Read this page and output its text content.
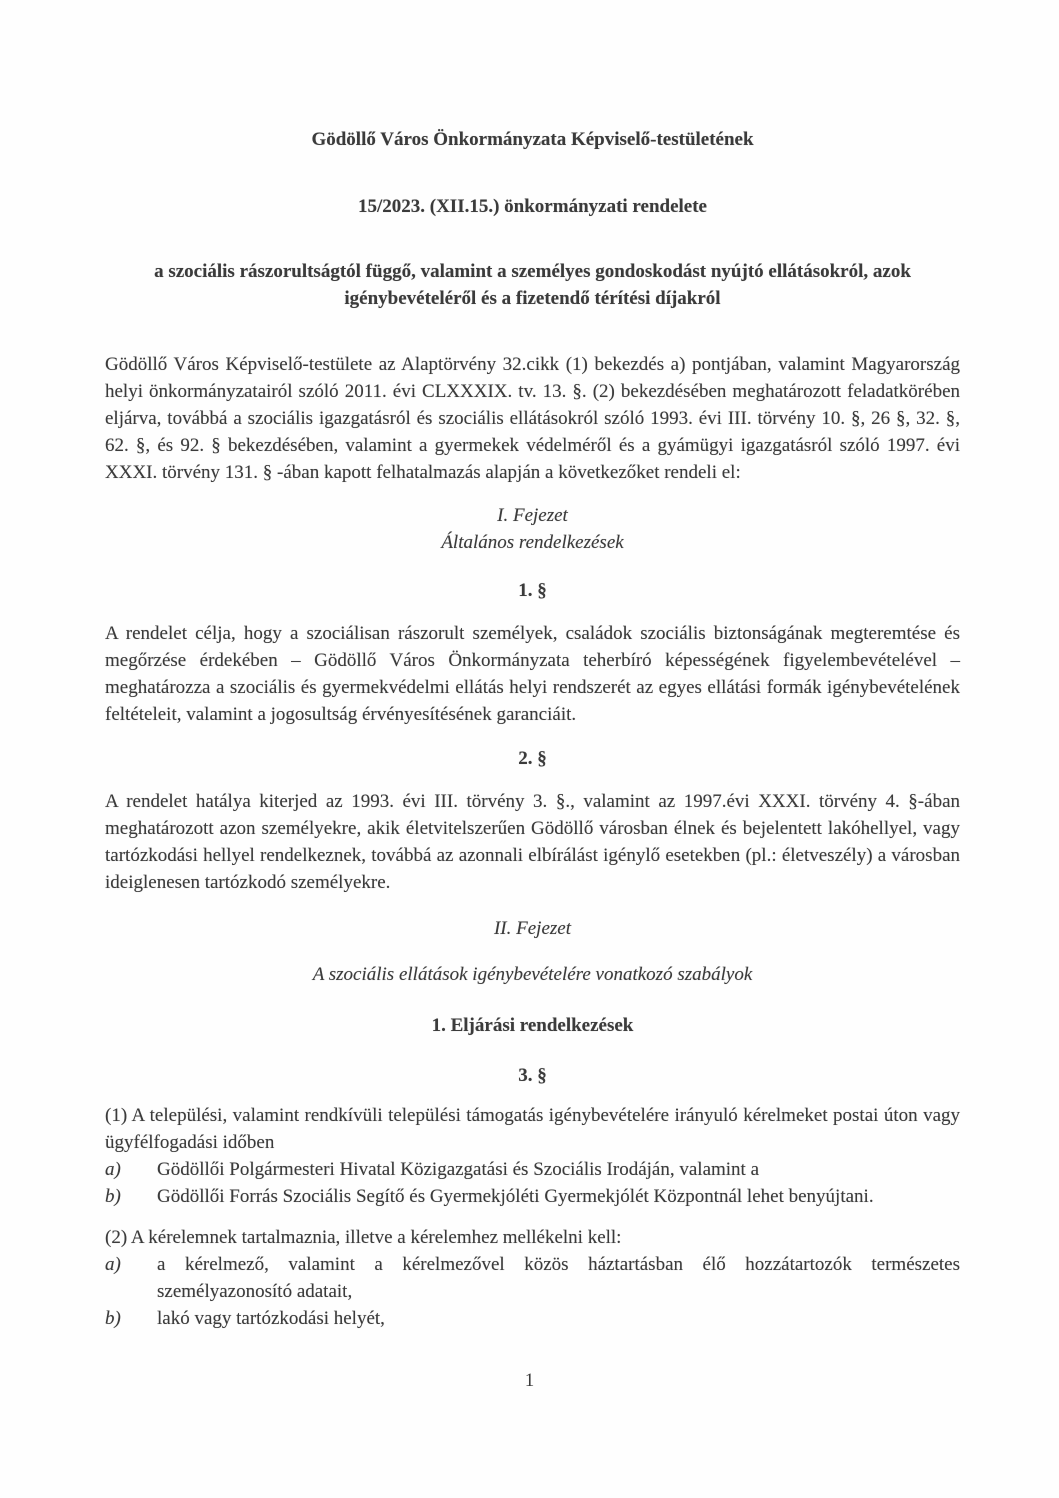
Gödöllő Város Önkormányzata Képviselő-testületének

15/2023. (XII.15.) önkormányzati rendelete

a szociális rászorultságtól függő, valamint a személyes gondoskodást nyújtó ellátásokról, azok igénybevételéről és a fizetendő térítési díjakról

Gödöllő Város Képviselő-testülete az Alaptörvény 32.cikk (1) bekezdés a) pontjában, valamint Magyarország helyi önkormányzatairól szóló 2011. évi CLXXXIX. tv. 13. §. (2) bekezdésében meghatározott feladatkörében eljárva, továbbá a szociális igazgatásról és szociális ellátásokról szóló 1993. évi III. törvény 10. §, 26 §, 32. §, 62. §, és 92. § bekezdésében, valamint a gyermekek védelméről és a gyámügyi igazgatásról szóló 1997. évi XXXI. törvény 131. § -ában kapott felhatalmazás alapján a következőket rendeli el:

I. Fejezet

Általános rendelkezések

1. §

A rendelet célja, hogy a szociálisan rászorult személyek, családok szociális biztonságának megteremtése és megőrzése érdekében – Gödöllő Város Önkormányzata teherbíró képességének figyelembevételével – meghatározza a szociális és gyermekvédelmi ellátás helyi rendszerét az egyes ellátási formák igénybevételének feltételeit, valamint a jogosultság érvényesítésének garanciáit.

2. §

A rendelet hatálya kiterjed az 1993. évi III. törvény 3. §., valamint az 1997.évi XXXI. törvény 4. §-ában meghatározott azon személyekre, akik életvitelszerűen Gödöllő városban élnek és bejelentett lakóhellyel, vagy tartózkodási hellyel rendelkeznek, továbbá az azonnali elbírálást igénylő esetekben (pl.: életveszély) a városban ideiglenesen tartózkodó személyekre.

II. Fejezet

A szociális ellátások igénybevételére vonatkozó szabályok

1. Eljárási rendelkezések

3. §

(1) A települési, valamint rendkívüli települési támogatás igénybevételére irányuló kérelmeket postai úton vagy ügyfélfogadási időben

a)	Gödöllői Polgármesteri Hivatal Közigazgatási és Szociális Irodáján, valamint a
b)	Gödöllői Forrás Szociális Segítő és Gyermekjóléti Gyermekjólét Központnál lehet benyújtani.

(2) A kérelemnek tartalmaznia, illetve a kérelemhez mellékelni kell:

a)	a kérelmező, valamint a kérelmezővel közös háztartásban élő hozzátartozók természetes személyazonosító adatait,
b)	lakó vagy tartózkodási helyét,
1
